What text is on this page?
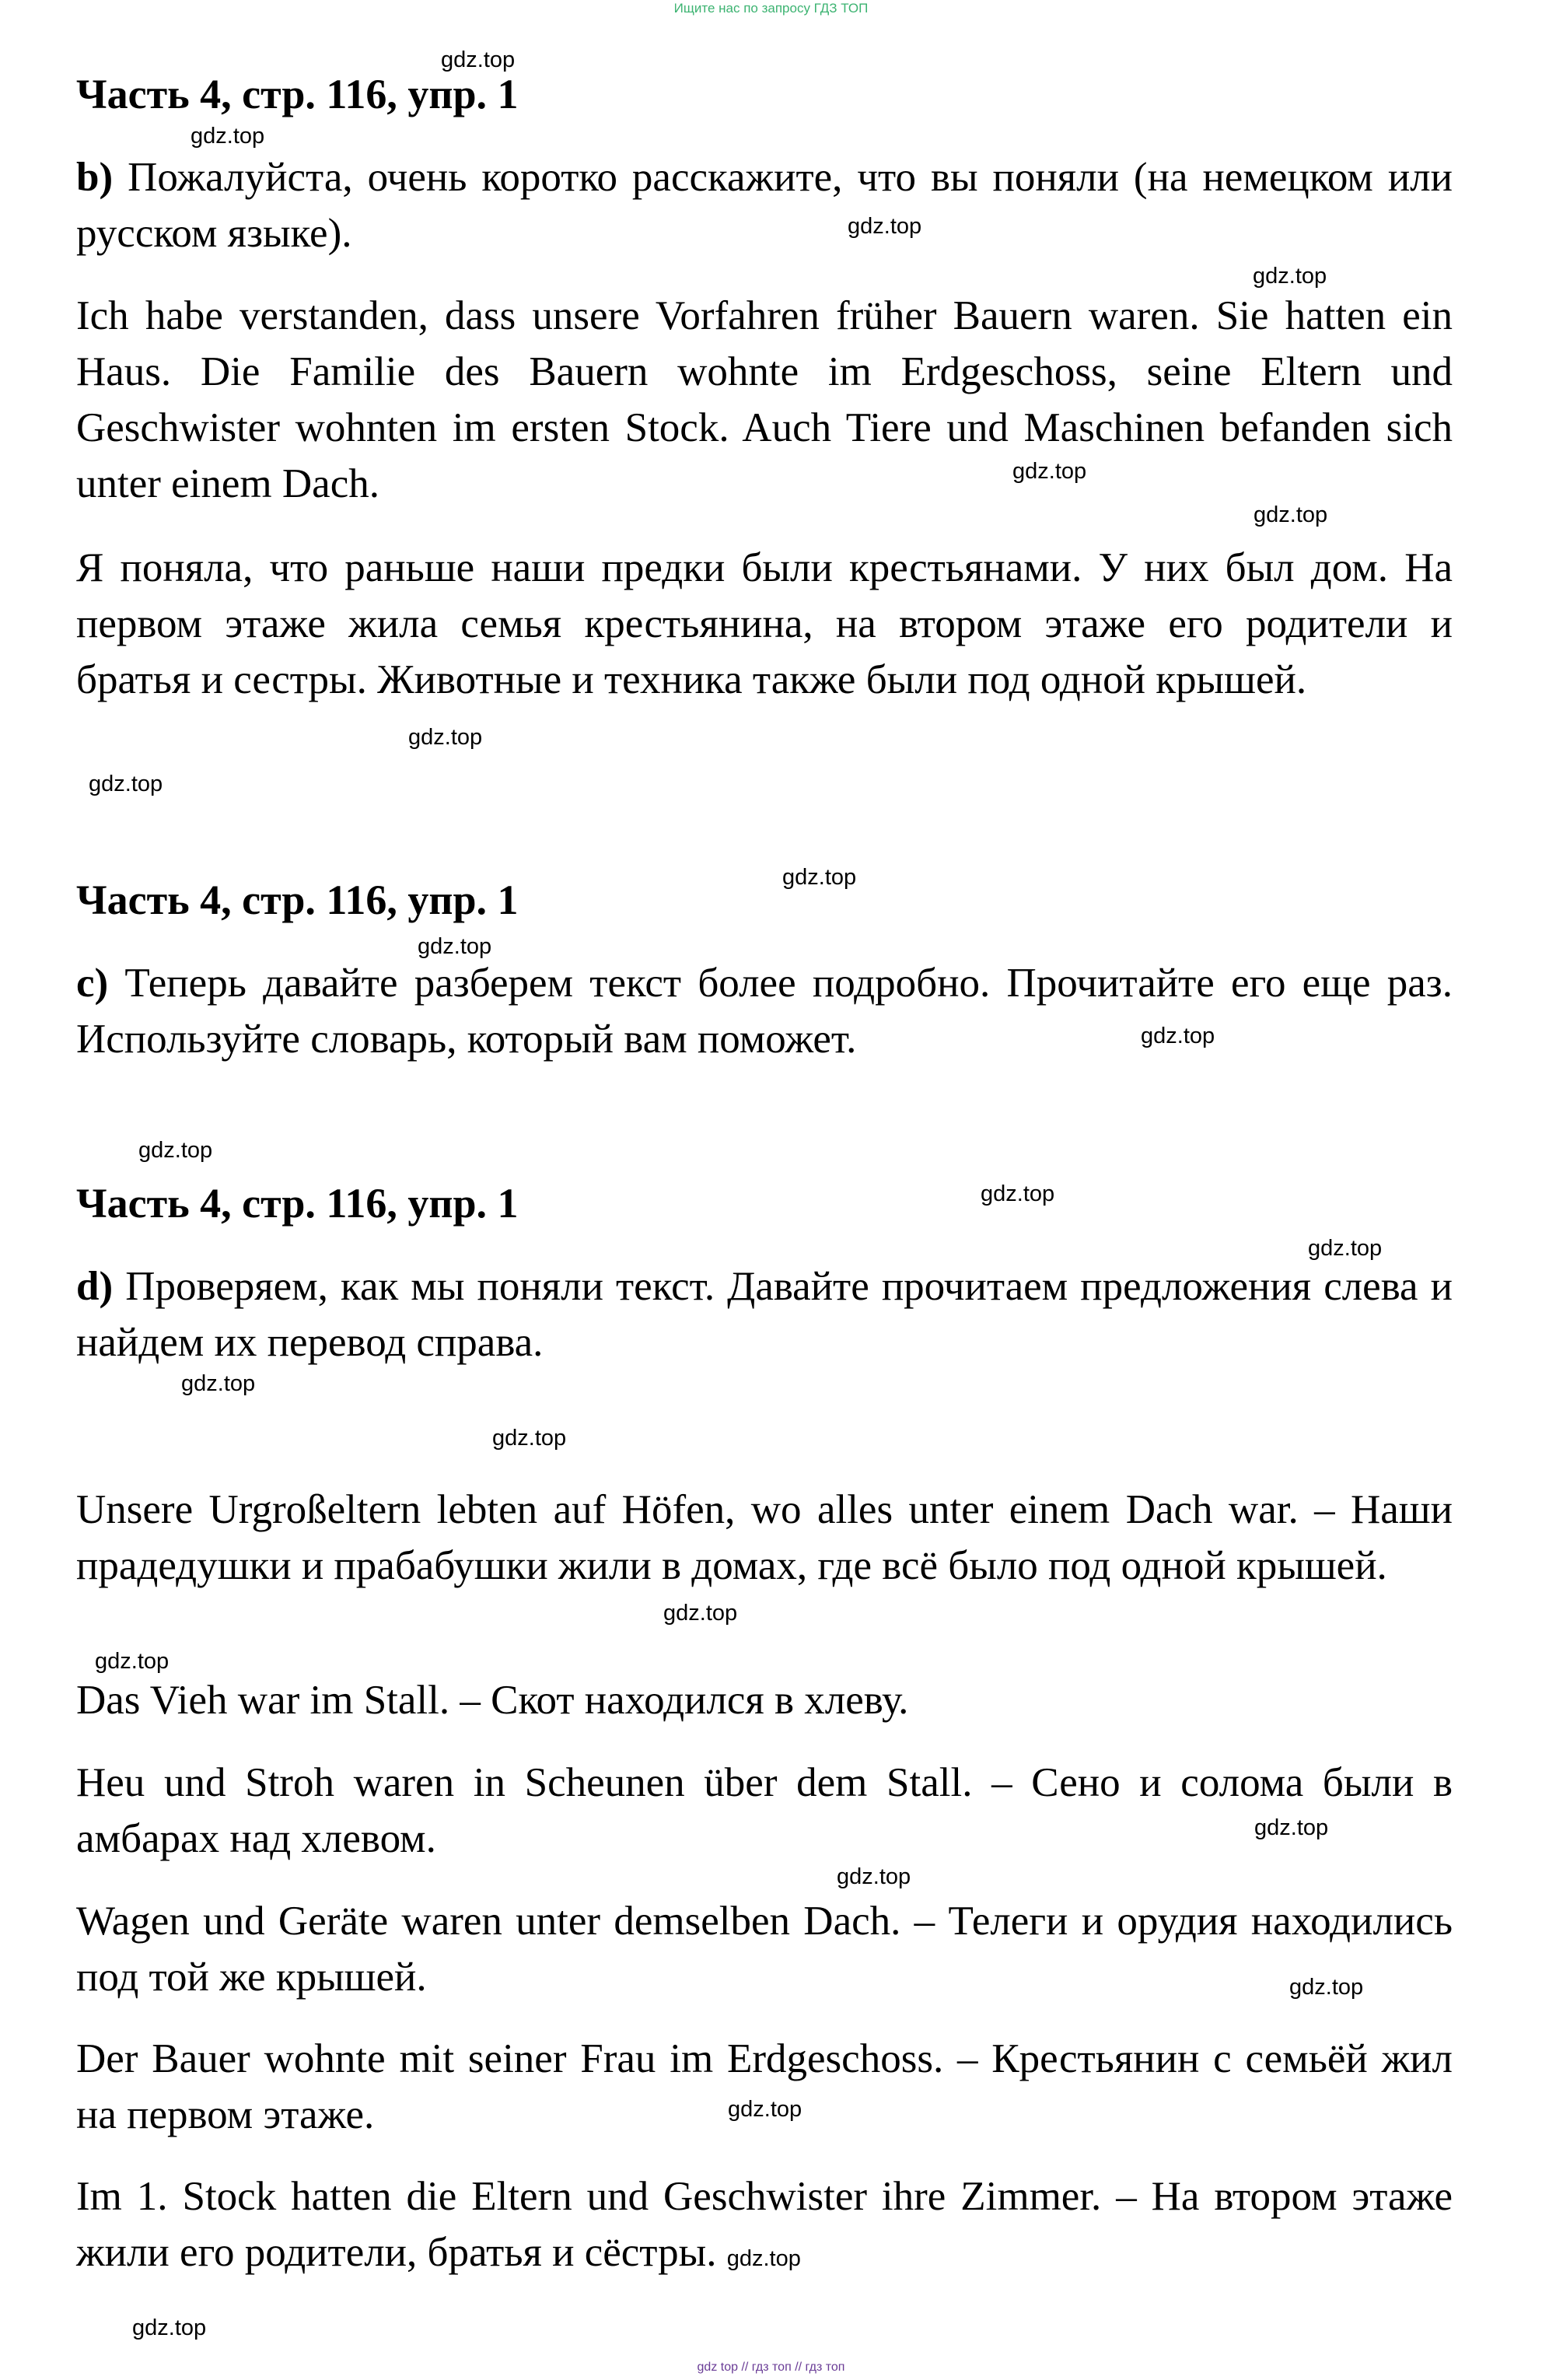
Ищите нас по запросу ГДЗ ТОП
Часть 4, стр. 116, упр. 1
b) Пожалуйста, очень коротко расскажите, что вы поняли (на немецком или русском языке).
Ich habe verstanden, dass unsere Vorfahren früher Bauern waren. Sie hatten ein Haus. Die Familie des Bauern wohnte im Erdgeschoss, seine Eltern und Geschwister wohnten im ersten Stock. Auch Tiere und Maschinen befanden sich unter einem Dach.
Я поняла, что раньше наши предки были крестьянами. У них был дом. На первом этаже жила семья крестьянина, на втором этаже его родители и братья и сестры. Животные и техника также были под одной крышей.
Часть 4, стр. 116, упр. 1
c) Теперь давайте разберем текст более подробно. Прочитайте его еще раз. Используйте словарь, который вам поможет.
Часть 4, стр. 116, упр. 1
d) Проверяем, как мы поняли текст. Давайте прочитаем предложения слева и найдем их перевод справа.
Unsere Urgroßeltern lebten auf Höfen, wo alles unter einem Dach war. – Наши прадедушки и прабабушки жили в домах, где всё было под одной крышей.
Das Vieh war im Stall. – Скот находился в хлеву.
Heu und Stroh waren in Scheunen über dem Stall. – Сено и солома были в амбарах над хлевом.
Wagen und Geräte waren unter demselben Dach. – Телеги и орудия находились под той же крышей.
Der Bauer wohnte mit seiner Frau im Erdgeschoss. – Крестьянин с семьёй жил на первом этаже.
Im 1. Stock hatten die Eltern und Geschwister ihre Zimmer. – На втором этаже жили его родители, братья и сёстры. gdz.top
gdz.top
gdz.top
gdz.top
gdz.top
gdz.top
gdz.top
gdz.top
gdz.top
gdz.top
gdz.top
gdz.top
gdz.top
gdz.top
gdz.top
gdz.top
gdz.top
gdz.top
gdz.top
gdz.top
gdz.top
gdz.top
gdz.top
gdz.top
gdz top // гдз топ // гдз топ
